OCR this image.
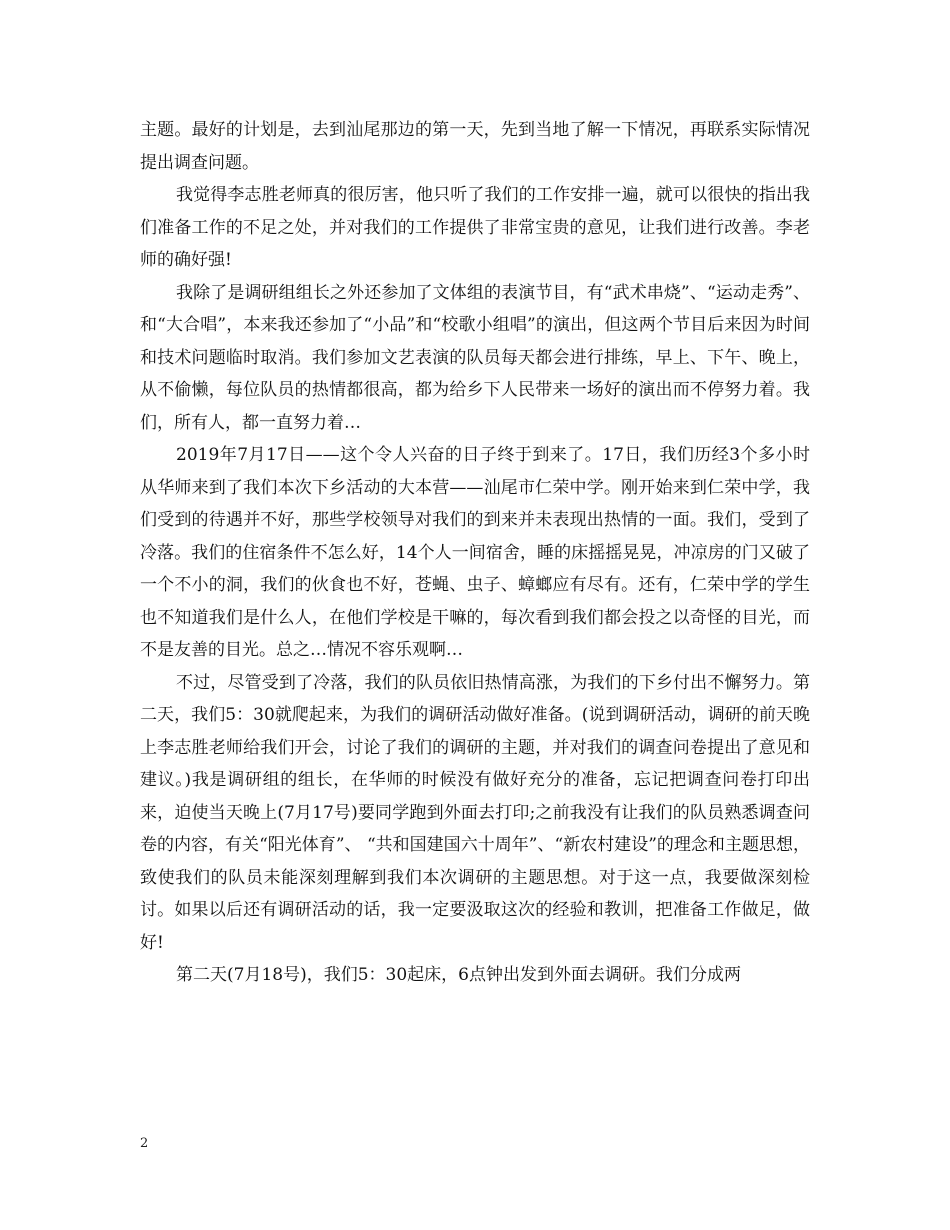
主题。最好的计划是，去到汕尾那边的第一天，先到当地了解一下情况，再联系实际情况提出调查问题。

我觉得李志胜老师真的很厉害，他只听了我们的工作安排一遍，就可以很快的指出我们准备工作的不足之处，并对我们的工作提供了非常宝贵的意见，让我们进行改善。李老师的确好强!

我除了是调研组组长之外还参加了文体组的表演节目，有“武术串烧”、“运动走秀”、和“大合唱”，本来我还参加了“小品”和“校歌小组唱”的演出，但这两个节目后来因为时间和技术问题临时取消。我们参加文艺表演的队员每天都会进行排练，早上、下午、晚上，从不偷懒，每位队员的热情都很高，都为给乡下人民带来一场好的演出而不停努力着。我们，所有人，都一直努力着…

2019年7月17日——这个令人兴奋的日子终于到来了。17日，我们历经3个多小时从华师来到了我们本次下乡活动的大本营——汕尾市仁荣中学。刚开始来到仁荣中学，我们受到的待遇并不好，那些学校领导对我们的到来并未表现出热情的一面。我们，受到了冷落。我们的住宿条件不怎么好，14个人一间宿舍，睡的床摇摇晃晃，冲凉房的门又破了一个不小的洞，我们的伙食也不好，苍蝇、虫子、蟑螂应有尽有。还有，仁荣中学的学生也不知道我们是什么人，在他们学校是干嘛的，每次看到我们都会投之以奇怪的目光，而不是友善的目光。总之…情况不容乐观啊…

不过，尽管受到了冷落，我们的队员依旧热情高涨，为我们的下乡付出不懈努力。第二天，我们5：30就爬起来，为我们的调研活动做好准备。(说到调研活动，调研的前天晚上李志胜老师给我们开会，讨论了我们的调研的主题，并对我们的调查问卷提出了意见和建议。)我是调研组的组长，在华师的时候没有做好充分的准备，忘记把调查问卷打印出来，迫使当天晚上(7月17号)要同学跑到外面去打印;之前我没有让我们的队员熟悉调查问卷的内容，有关“阳光体育”、 “共和国建国六十周年”、“新农村建设”的理念和主题思想，致使我们的队员未能深刻理解到我们本次调研的主题思想。对于这一点，我要做深刻检讨。如果以后还有调研活动的话，我一定要汲取这次的经验和教训，把准备工作做足，做好!

第二天(7月18号)，我们5：30起床，6点钟出发到外面去调研。我们分成两

2
